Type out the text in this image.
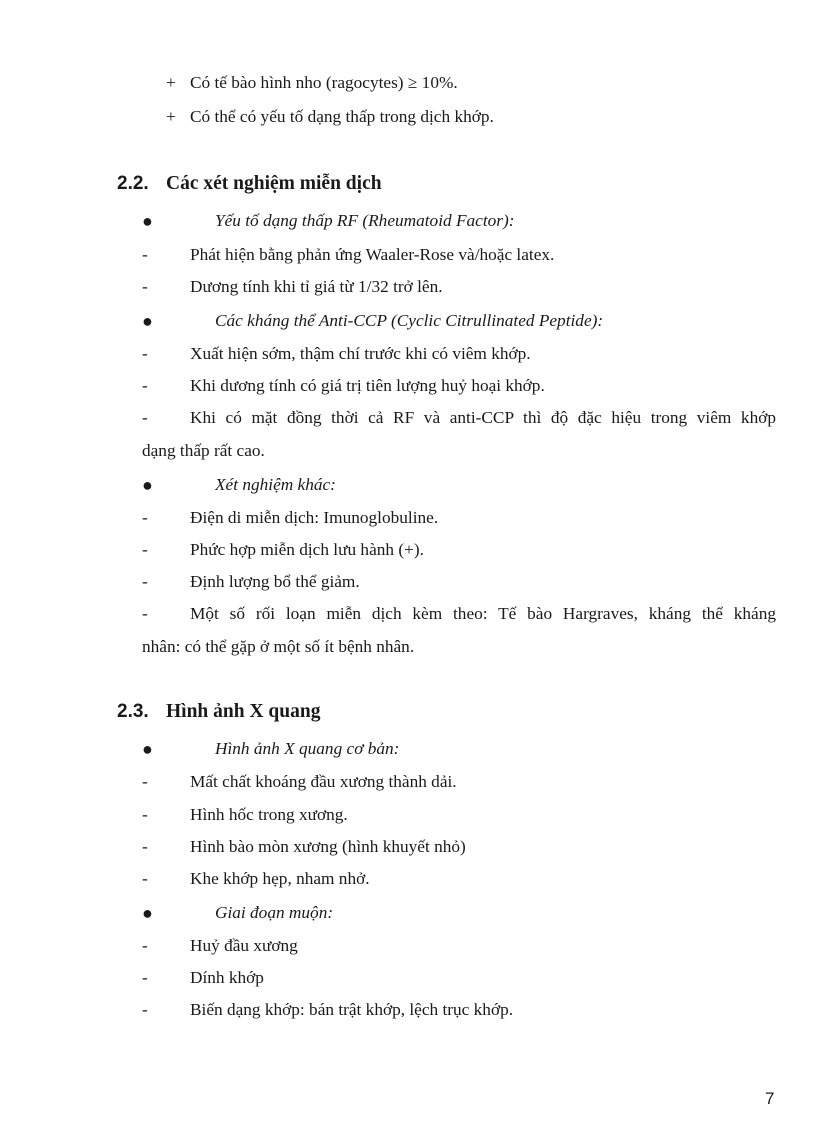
+ Có tế bào hình nho (ragocytes) ≥ 10%.
+ Có thể có yếu tố dạng thấp trong dịch khớp.
2.2. Các xét nghiệm miễn dịch
●	Yếu tố dạng thấp RF (Rheumatoid Factor):
- Phát hiện bằng phản ứng Waaler-Rose và/hoặc latex.
- Dương tính khi tỉ giá từ 1/32 trở lên.
●	Các kháng thể Anti-CCP (Cyclic Citrullinated Peptide):
- Xuất hiện sớm, thậm chí trước khi có viêm khớp.
- Khi dương tính có giá trị tiên lượng huỷ hoại khớp.
- Khi có mặt đồng thời cả RF và anti-CCP thì độ đặc hiệu trong viêm khớp
dạng thấp rất cao.
●	Xét nghiệm khác:
- Điện di miễn dịch: Imunoglobuline.
- Phức hợp miễn dịch lưu hành (+).
- Định lượng bổ thể giảm.
- Một số rối loạn miễn dịch kèm theo: Tế bào Hargraves, kháng thể kháng
nhân: có thể gặp ở một số ít bệnh nhân.
2.3. Hình ảnh X quang
●	Hình ảnh X quang cơ bản:
- Mất chất khoáng đầu xương thành dải.
- Hình hốc trong xương.
- Hình bào mòn xương (hình khuyết nhỏ)
- Khe khớp hẹp, nham nhở.
●	Giai đoạn muộn:
- Huỷ đầu xương
- Dính khớp
- Biến dạng khớp: bán trật khớp, lệch trục khớp.
7
